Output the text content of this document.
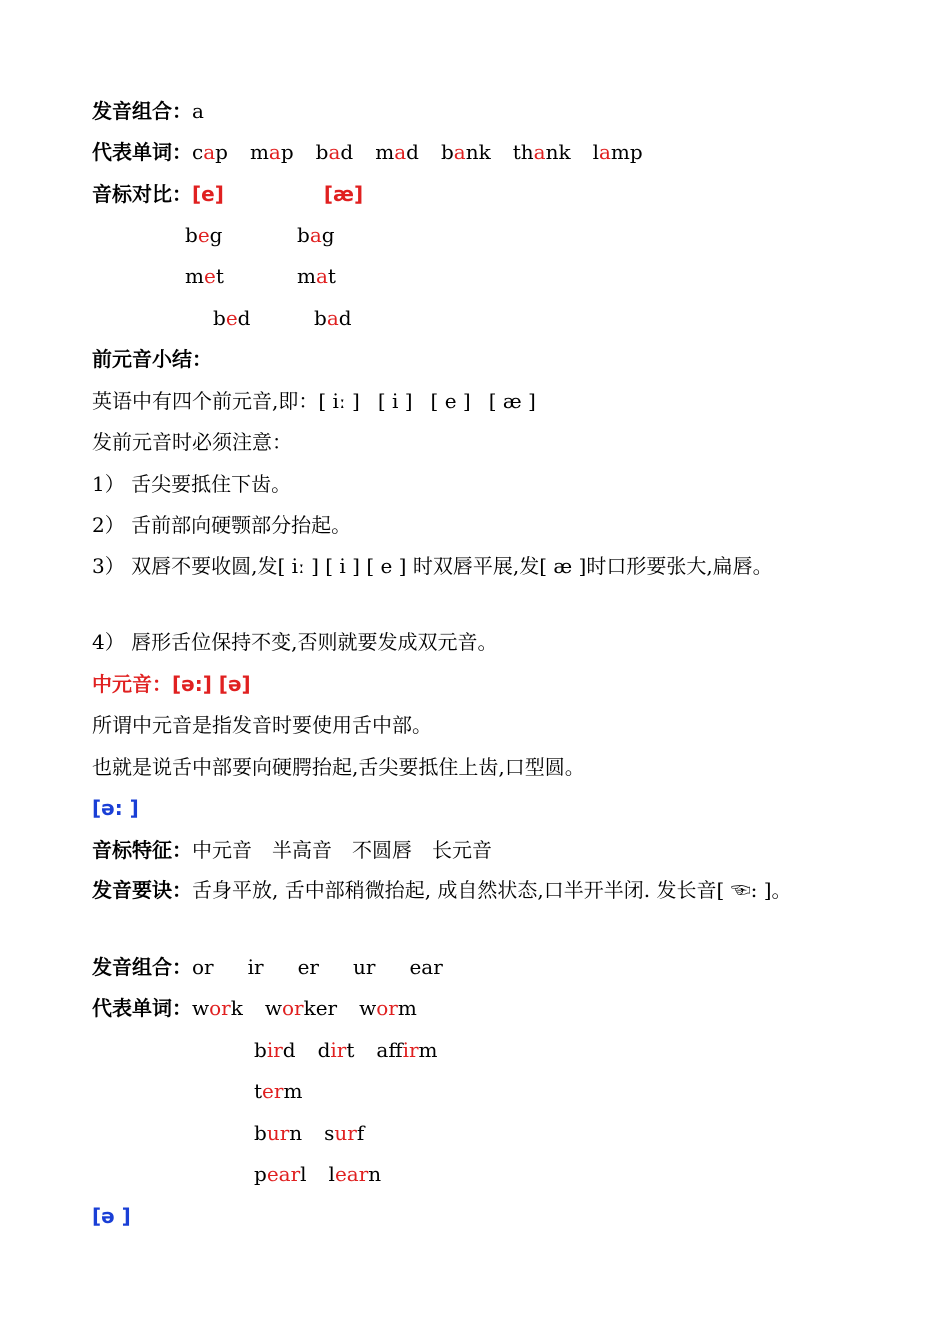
发音组合：a
代表单词：cap map bad mad bank thank lamp
音标对比：[e]	[æ]
beg	bag
met	mat
bed	bad
前元音小结：
英语中有四个前元音,即：[ iː ] [ i ] [ e ] [ æ ]
发前元音时必须注意：
1） 舌尖要抵住下齿。
2） 舌前部向硬颚部分抬起。
3） 双唇不要收圆,发[ iː ] [ i ] [ e ] 时双唇平展,发[ æ ]时口形要张大,扁唇。
4） 唇形舌位保持不变,否则就要发成双元音。
中元音：[ə:] [ə]
所谓中元音是指发音时要使用舌中部。
也就是说舌中部要向硬腭抬起,舌尖要抵住上齿,口型圆。
[ə: ]
音标特征：中元音　半高音　不圆唇　长元音
发音要诀：舌身平放, 舌中部稍微抬起, 成自然状态,口半开半闭. 发长音[ ☜: ]。
发音组合：or ir er ur ear
代表单词：work worker worm
bird dirt affirm
term
burn surf
pearl learn
[ə ]
